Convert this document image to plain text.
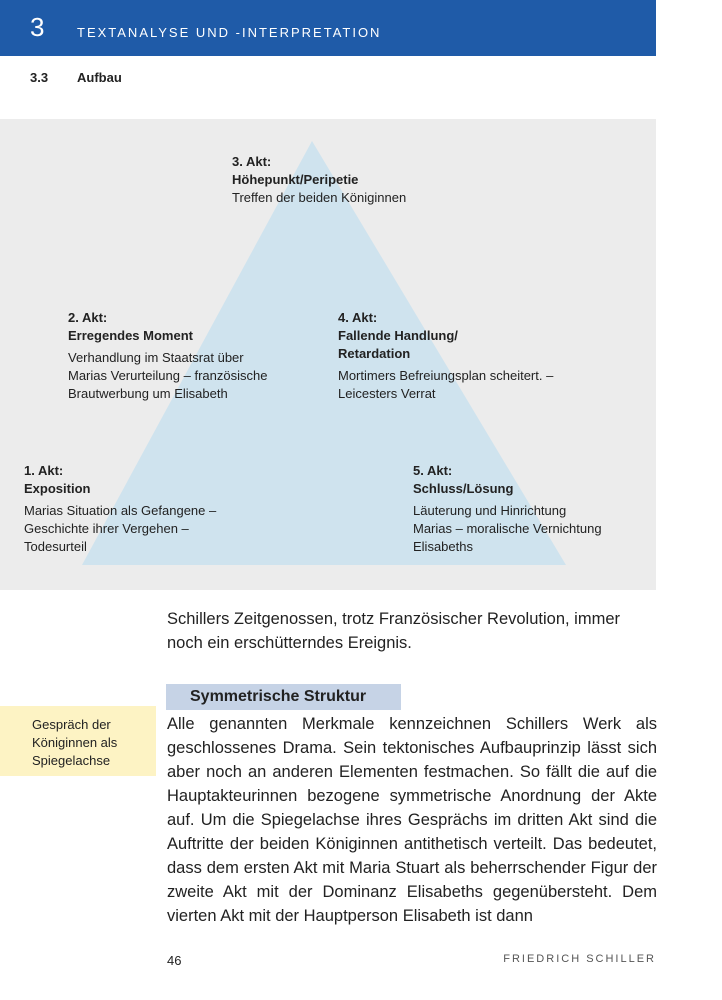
3	TEXTANALYSE UND -INTERPRETATION
3.3 Aufbau
3. Akt:
Höhepunkt/Peripetie
Treffen der beiden Königinnen
2. Akt:
Erregendes Moment
Verhandlung im Staatsrat über
Marias Verurteilung – französische
Brautwerbung um Elisabeth
4. Akt:
Fallende Handlung/
Retardation
Mortimers Befreiungsplan scheitert. –
Leicesters Verrat
1. Akt:
Exposition
Marias Situation als Gefangene –
Geschichte ihrer Vergehen –
Todesurteil
5. Akt:
Schluss/Lösung
Läuterung und Hinrichtung
Marias – moralische Vernichtung
Elisabeths

Schillers Zeitgenossen, trotz Französischer Revolution, immer noch ein erschütterndes Ereignis.

Symmetrische Struktur
Gespräch der
Königinnen als
Spiegelachse

Alle genannten Merkmale kennzeichnen Schillers Werk als geschlossenes Drama. Sein tektonisches Aufbauprinzip lässt sich aber noch an anderen Elementen festmachen. So fällt die auf die Hauptakteurinnen bezogene symmetrische Anordnung der Akte auf. Um die Spiegelachse ihres Gesprächs im dritten Akt sind die Auftritte der beiden Königinnen antithetisch verteilt. Das bedeutet, dass dem ersten Akt mit Maria Stuart als beherrschender Figur der zweite Akt mit der Dominanz Elisabeths gegenübersteht. Dem vierten Akt mit der Hauptperson Elisabeth ist dann

46	FRIEDRICH SCHILLER
